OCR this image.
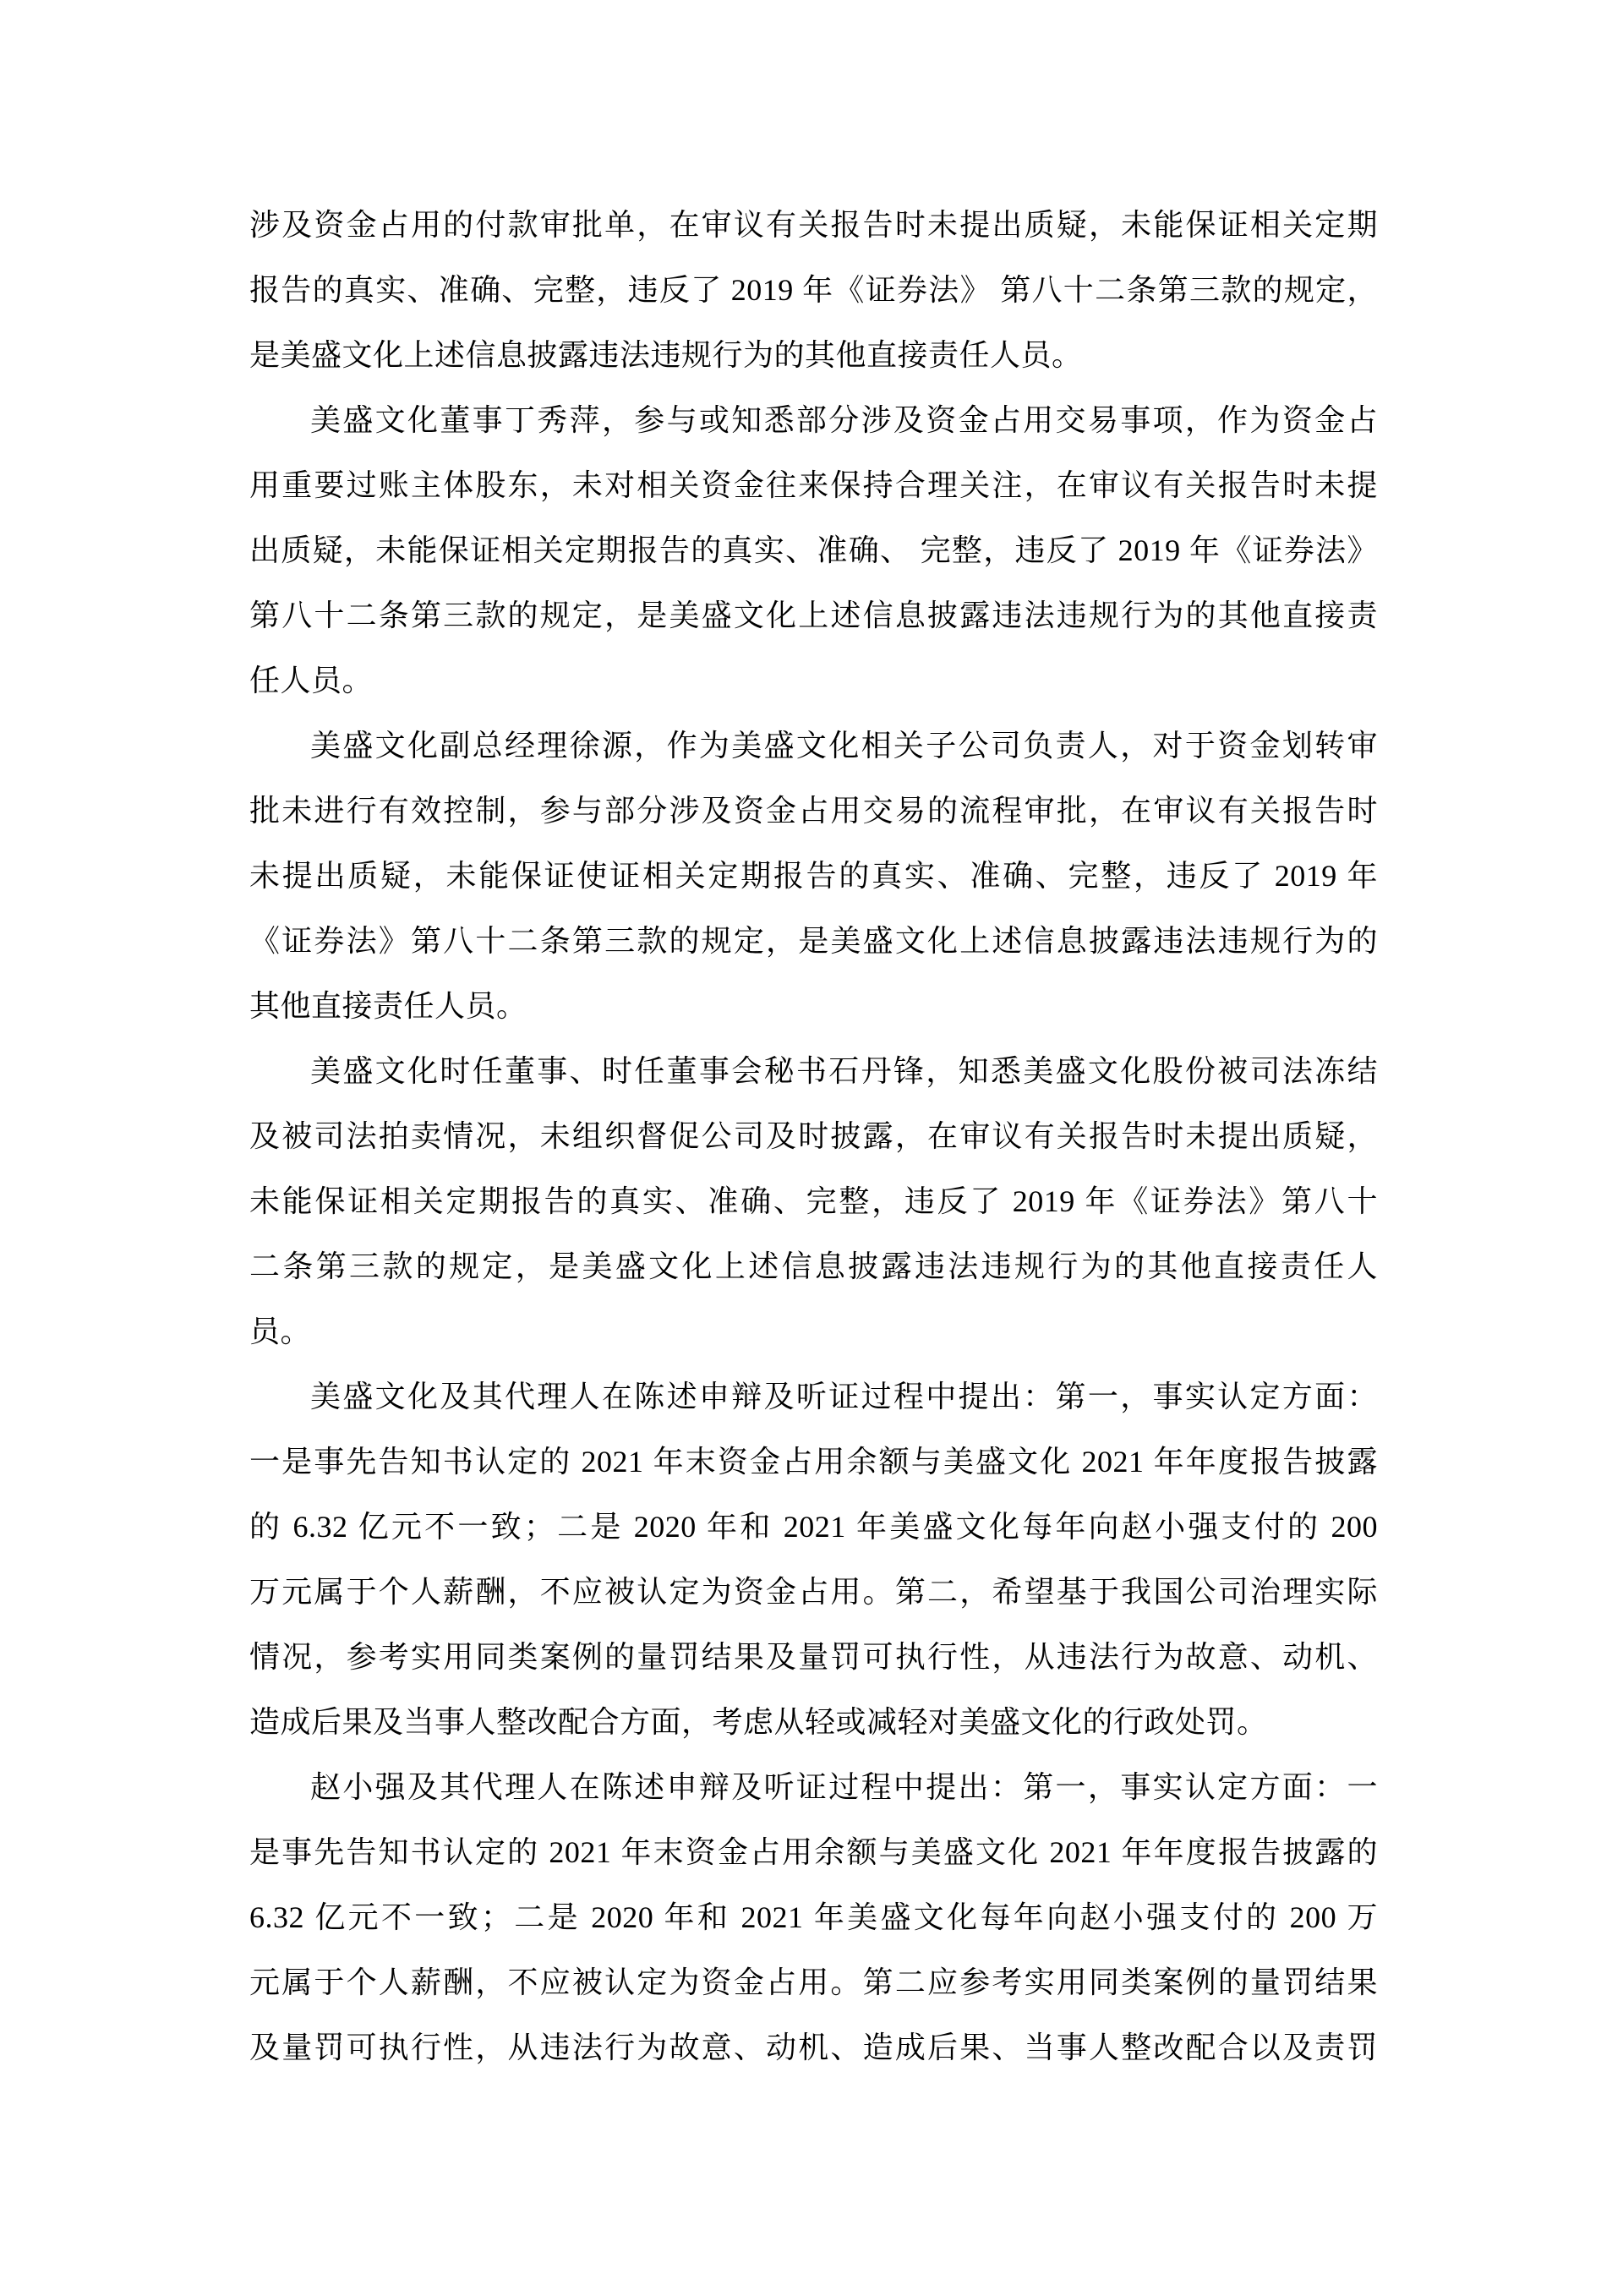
涉及资金占用的付款审批单，在审议有关报告时未提出质疑，未能保证相关定期
报告的真实、准确、完整，违反了 2019 年《证券法》 第八十二条第三款的规定，
是美盛文化上述信息披露违法违规行为的其他直接责任人员。
美盛文化董事丁秀萍，参与或知悉部分涉及资金占用交易事项，作为资金占
用重要过账主体股东，未对相关资金往来保持合理关注，在审议有关报告时未提
出质疑，未能保证相关定期报告的真实、准确、 完整，违反了 2019 年《证券法》
第八十二条第三款的规定，是美盛文化上述信息披露违法违规行为的其他直接责
任人员。
美盛文化副总经理徐源，作为美盛文化相关子公司负责人，对于资金划转审
批未进行有效控制，参与部分涉及资金占用交易的流程审批，在审议有关报告时
未提出质疑，未能保证使证相关定期报告的真实、准确、完整，违反了 2019 年
《证券法》第八十二条第三款的规定，是美盛文化上述信息披露违法违规行为的
其他直接责任人员。
美盛文化时任董事、时任董事会秘书石丹锋，知悉美盛文化股份被司法冻结
及被司法拍卖情况，未组织督促公司及时披露，在审议有关报告时未提出质疑，
未能保证相关定期报告的真实、准确、完整，违反了 2019 年《证券法》第八十
二条第三款的规定，是美盛文化上述信息披露违法违规行为的其他直接责任人
员。
美盛文化及其代理人在陈述申辩及听证过程中提出：第一，事实认定方面：
一是事先告知书认定的 2021 年末资金占用余额与美盛文化 2021 年年度报告披露
的 6.32 亿元不一致；二是 2020 年和 2021 年美盛文化每年向赵小强支付的 200
万元属于个人薪酬，不应被认定为资金占用。第二，希望基于我国公司治理实际
情况，参考实用同类案例的量罚结果及量罚可执行性，从违法行为故意、动机、
造成后果及当事人整改配合方面，考虑从轻或减轻对美盛文化的行政处罚。
赵小强及其代理人在陈述申辩及听证过程中提出：第一，事实认定方面：一
是事先告知书认定的 2021 年末资金占用余额与美盛文化 2021 年年度报告披露的
6.32 亿元不一致；二是 2020 年和 2021 年美盛文化每年向赵小强支付的 200 万
元属于个人薪酬，不应被认定为资金占用。第二应参考实用同类案例的量罚结果
及量罚可执行性，从违法行为故意、动机、造成后果、当事人整改配合以及责罚
